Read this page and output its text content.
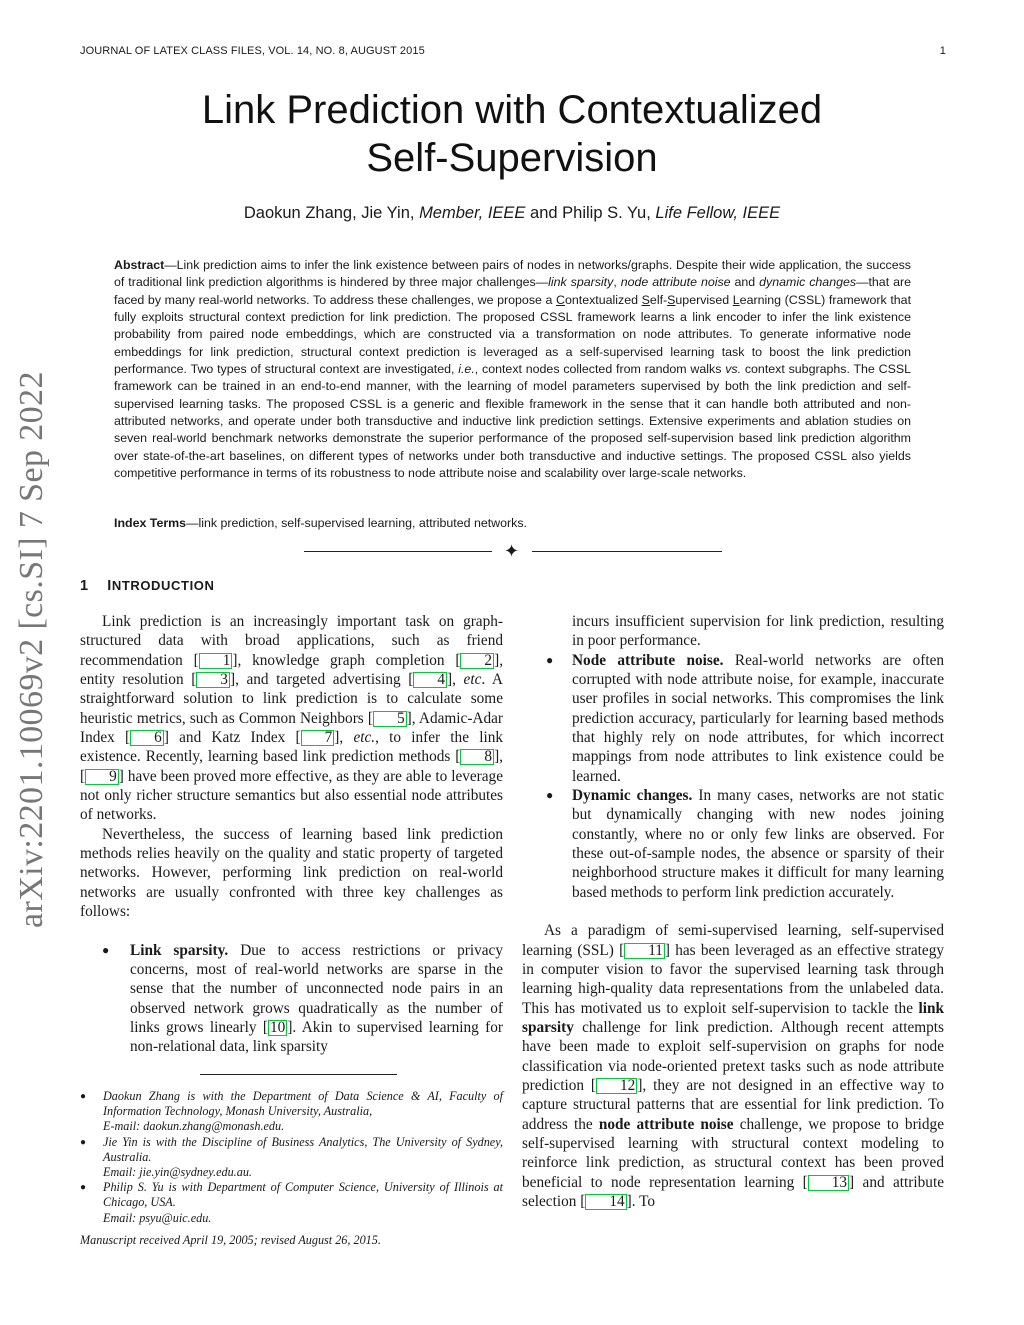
JOURNAL OF LATEX CLASS FILES, VOL. 14, NO. 8, AUGUST 2015	1
Link Prediction with Contextualized
Self-Supervision
Daokun Zhang, Jie Yin, Member, IEEE and Philip S. Yu, Life Fellow, IEEE
Abstract—Link prediction aims to infer the link existence between pairs of nodes in networks/graphs. Despite their wide application, the success of traditional link prediction algorithms is hindered by three major challenges—link sparsity, node attribute noise and dynamic changes—that are faced by many real-world networks. To address these challenges, we propose a Contextualized Self-Supervised Learning (CSSL) framework that fully exploits structural context prediction for link prediction. The proposed CSSL framework learns a link encoder to infer the link existence probability from paired node embeddings, which are constructed via a transformation on node attributes. To generate informative node embeddings for link prediction, structural context prediction is leveraged as a self-supervised learning task to boost the link prediction performance. Two types of structural context are investigated, i.e., context nodes collected from random walks vs. context subgraphs. The CSSL framework can be trained in an end-to-end manner, with the learning of model parameters supervised by both the link prediction and self-supervised learning tasks. The proposed CSSL is a generic and flexible framework in the sense that it can handle both attributed and non-attributed networks, and operate under both transductive and inductive link prediction settings. Extensive experiments and ablation studies on seven real-world benchmark networks demonstrate the superior performance of the proposed self-supervision based link prediction algorithm over state-of-the-art baselines, on different types of networks under both transductive and inductive settings. The proposed CSSL also yields competitive performance in terms of its robustness to node attribute noise and scalability over large-scale networks.
Index Terms—link prediction, self-supervised learning, attributed networks.
✦
1 INTRODUCTION

Link prediction is an increasingly important task on graph-structured data with broad applications, such as friend recommendation [ 1 ], knowledge graph completion [ 2 ], entity resolution [ 3 ], and targeted advertising [ 4 ], etc. A straightforward solution to link prediction is to calculate some heuristic metrics, such as Common Neighbors [ 5 ], Adamic-Adar Index [ 6 ] and Katz Index [ 7 ], etc., to infer the link existence. Recently, learning based link prediction methods [ 8 ], [ 9 ] have been proved more effective, as they are able to leverage not only richer structure semantics but also essential node attributes of networks.

Nevertheless, the success of learning based link prediction methods relies heavily on the quality and static property of targeted networks. However, performing link prediction on real-world networks are usually confronted with three key challenges as follows:

● Link sparsity. Due to access restrictions or privacy concerns, most of real-world networks are sparse in the sense that the number of unconnected node pairs in an observed network grows quadratically as the number of links grows linearly [ 10 ]. Akin to supervised learning for non-relational data, link sparsity
incurs insufficient supervision for link prediction, resulting in poor performance.
● Node attribute noise. Real-world networks are often corrupted with node attribute noise, for example, inaccurate user profiles in social networks. This compromises the link prediction accuracy, particularly for learning based methods that highly rely on node attributes, for which incorrect mappings from node attributes to link existence could be learned.
● Dynamic changes. In many cases, networks are not static but dynamically changing with new nodes joining constantly, where no or only few links are observed. For these out-of-sample nodes, the absence or sparsity of their neighborhood structure makes it difficult for many learning based methods to perform link prediction accurately.

As a paradigm of semi-supervised learning, self-supervised learning (SSL) [ 11 ] has been leveraged as an effective strategy in computer vision to favor the supervised learning task through learning high-quality data representations from the unlabeled data. This has motivated us to exploit self-supervision to tackle the link sparsity challenge for link prediction. Although recent attempts have been made to exploit self-supervision on graphs for node classification via node-oriented pretext tasks such as node attribute prediction [ 12 ], they are not designed in an effective way to capture structural patterns that are essential for link prediction. To address the node attribute noise challenge, we propose to bridge self-supervised learning with structural context modeling to reinforce link prediction, as structural context has been proved beneficial to node representation learning [ 13 ] and attribute selection [ 14 ]. To

● Daokun Zhang is with the Department of Data Science & AI, Faculty of Information Technology, Monash University, Australia,
E-mail: daokun.zhang@monash.edu.
● Jie Yin is with the Discipline of Business Analytics, The University of Sydney, Australia.
Email: jie.yin@sydney.edu.au.
● Philip S. Yu is with Department of Computer Science, University of Illinois at Chicago, USA.
Email: psyu@uic.edu.
Manuscript received April 19, 2005; revised August 26, 2015.
arXiv:2201.10069v2 [cs.SI] 7 Sep 2022
